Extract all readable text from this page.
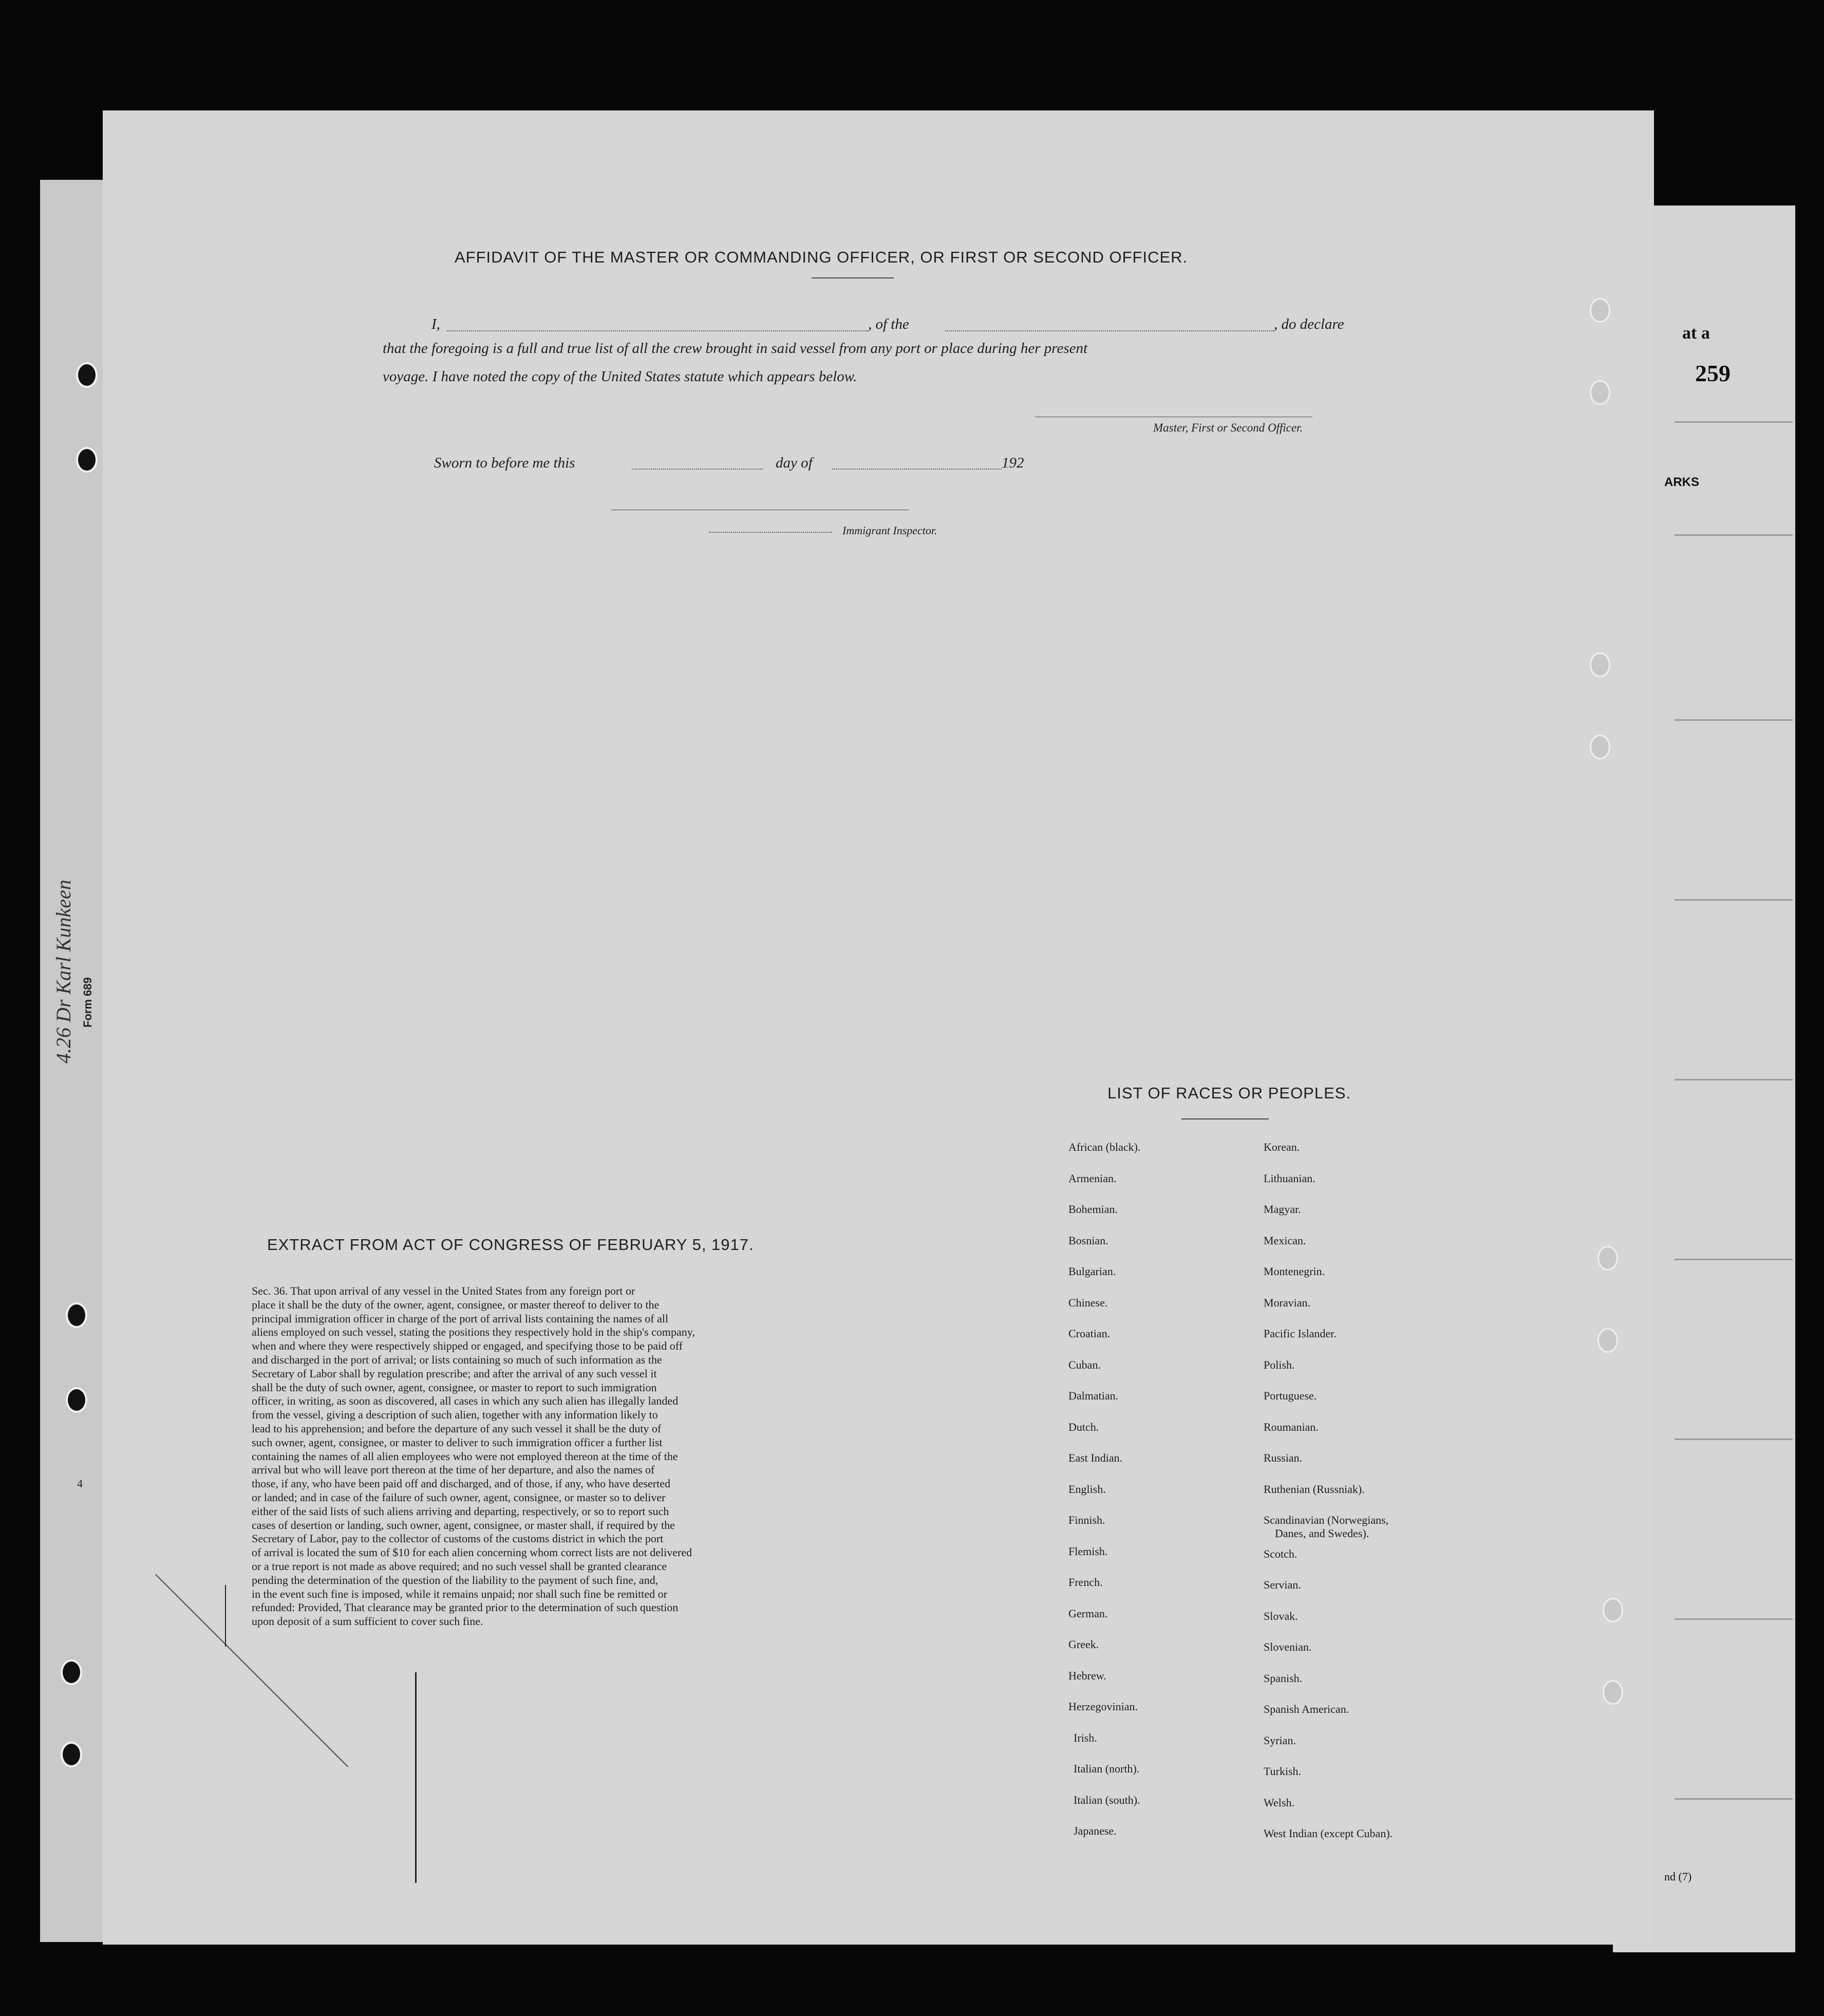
at a
259
ARKS
nd (7)
Form 689
4.26 Dr Karl Kunkeen
4
AFFIDAVIT OF THE MASTER OR COMMANDING OFFICER, OR FIRST OR SECOND OFFICER.
I,	, of the	, do declare
that the foregoing is a full and true list of all the crew brought in said vessel from any port or place during her present
voyage. I have noted the copy of the United States statute which appears below.
Master, First or Second Officer.
Sworn to before me this	day of	192
Immigrant Inspector.
EXTRACT FROM ACT OF CONGRESS OF FEBRUARY 5, 1917.
Sec. 36. That upon arrival of any vessel in the United States from any foreign port or
place it shall be the duty of the owner, agent, consignee, or master thereof to deliver to the
principal immigration officer in charge of the port of arrival lists containing the names of all
aliens employed on such vessel, stating the positions they respectively hold in the ship's company,
when and where they were respectively shipped or engaged, and specifying those to be paid off
and discharged in the port of arrival; or lists containing so much of such information as the
Secretary of Labor shall by regulation prescribe; and after the arrival of any such vessel it
shall be the duty of such owner, agent, consignee, or master to report to such immigration
officer, in writing, as soon as discovered, all cases in which any such alien has illegally landed
from the vessel, giving a description of such alien, together with any information likely to
lead to his apprehension; and before the departure of any such vessel it shall be the duty of
such owner, agent, consignee, or master to deliver to such immigration officer a further list
containing the names of all alien employees who were not employed thereon at the time of the
arrival but who will leave port thereon at the time of her departure, and also the names of
those, if any, who have been paid off and discharged, and of those, if any, who have deserted
or landed; and in case of the failure of such owner, agent, consignee, or master so to deliver
either of the said lists of such aliens arriving and departing, respectively, or so to report such
cases of desertion or landing, such owner, agent, consignee, or master shall, if required by the
Secretary of Labor, pay to the collector of customs of the customs district in which the port
of arrival is located the sum of $10 for each alien concerning whom correct lists are not delivered
or a true report is not made as above required; and no such vessel shall be granted clearance
pending the determination of the question of the liability to the payment of such fine, and,
in the event such fine is imposed, while it remains unpaid; nor shall such fine be remitted or
refunded: Provided, That clearance may be granted prior to the determination of such question
upon deposit of a sum sufficient to cover such fine.
LIST OF RACES OR PEOPLES.
African (black).
Armenian.
Bohemian.
Bosnian.
Bulgarian.
Chinese.
Croatian.
Cuban.
Dalmatian.
Dutch.
East Indian.
English.
Finnish.
Flemish.
French.
German.
Greek.
Hebrew.
Herzegovinian.
Irish.
Italian (north).
Italian (south).
Japanese.
Korean.
Lithuanian.
Magyar.
Mexican.
Montenegrin.
Moravian.
Pacific Islander.
Polish.
Portuguese.
Roumanian.
Russian.
Ruthenian (Russniak).
Scandinavian (Norwegians,
Danes, and Swedes).
Scotch.
Servian.
Slovak.
Slovenian.
Spanish.
Spanish American.
Syrian.
Turkish.
Welsh.
West Indian (except Cuban).
